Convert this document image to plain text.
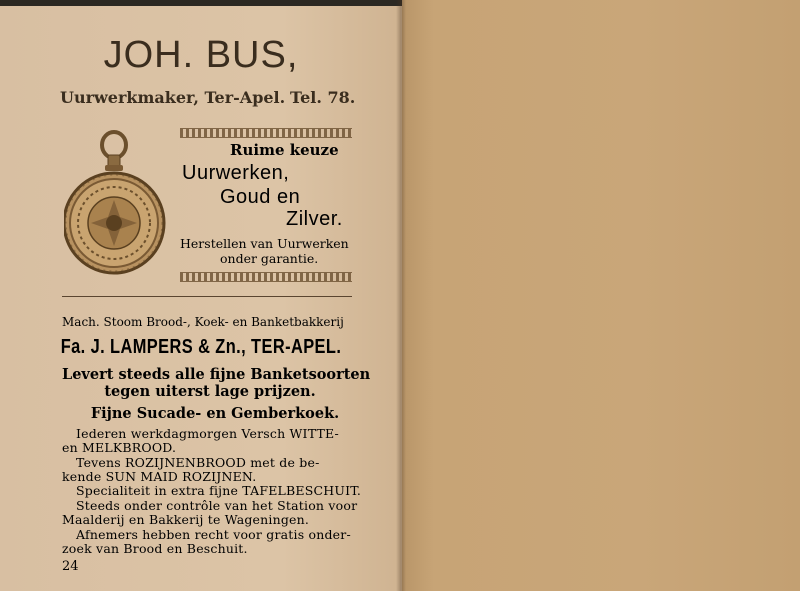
JOH. BUS,
Uurwerkmaker, Ter-Apel. Tel. 78.
Ruime keuze
Uurwerken,
Goud en
Zilver.
Herstellen van Uurwerken
onder garantie.
Mach. Stoom Brood-, Koek- en Banketbakkerij
Fa. J. LAMPERS & Zn., TER-APEL.
Levert steeds alle fijne Banketsoorten
tegen uiterst lage prijzen.
Fijne Sucade- en Gemberkoek.
Iederen werkdagmorgen Versch WITTE-
en MELKBROOD.
Tevens ROZIJNENBROOD met de be-
kende SUN MAID ROZIJNEN.
Specialiteit in extra fijne TAFELBESCHUIT.
Steeds onder contrôle van het Station voor
Maalderij en Bakkerij te Wageningen.
Afnemers hebben recht voor gratis onder-
zoek van Brood en Beschuit.
24
